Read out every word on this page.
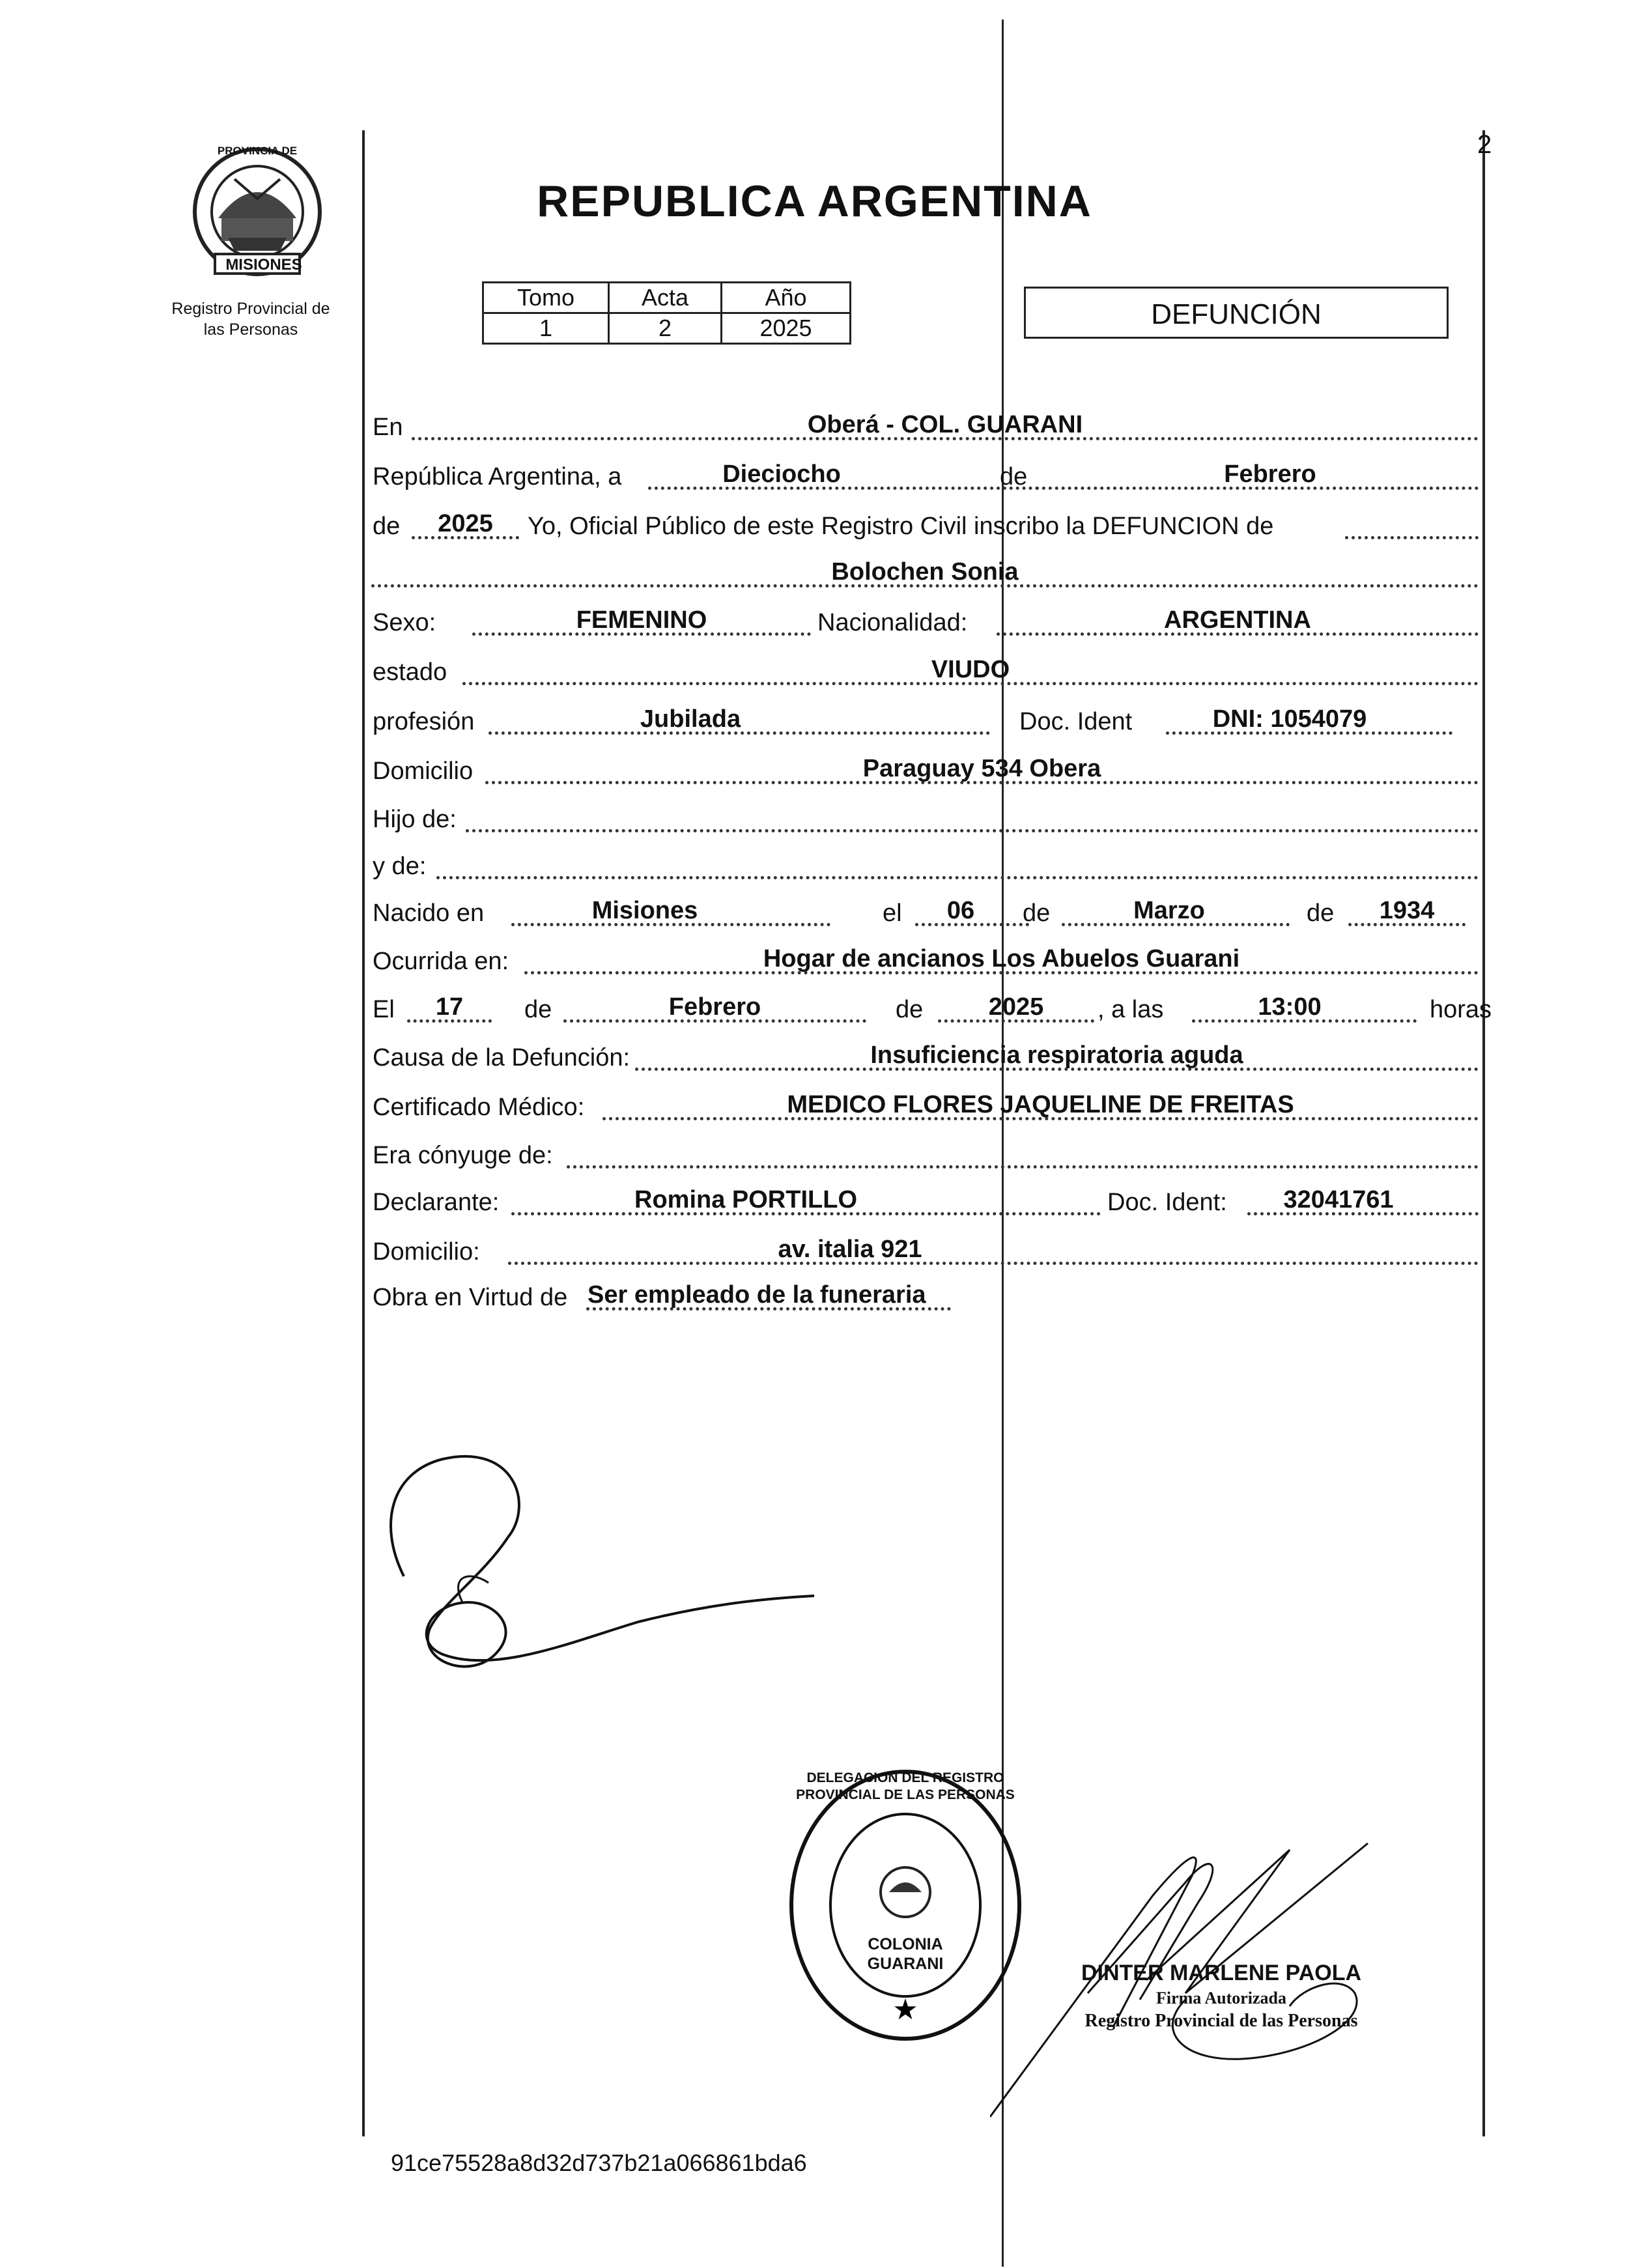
2
PROVINCIA DE
MISIONES
Registro Provincial de
las Personas
REPUBLICA ARGENTINA
Tomo	Acta	Año
1	2	2025	DEFUNCIÓN
En	Oberá - COL. GUARANI
República Argentina, a	Dieciocho	de	Febrero
de	2025	Yo, Oficial Público de este Registro Civil inscribo la DEFUNCION de
Bolochen Sonia
Sexo:	FEMENINO	Nacionalidad:	ARGENTINA
estado	VIUDO
profesión	Jubilada	Doc. Ident	DNI: 1054079
Domicilio	Paraguay 534 Obera
Hijo de:
y de:
Nacido en	Misiones	el	06	de	Marzo	de	1934
Ocurrida en:	Hogar de ancianos Los Abuelos Guarani
El	17	de	Febrero	de	2025	, a las	13:00	horas
Causa de la Defunción:	Insuficiencia respiratoria aguda
Certificado Médico:	MEDICO FLORES JAQUELINE DE FREITAS
Era cónyuge de:
Declarante:	Romina PORTILLO	Doc. Ident:	32041761
Domicilio:	av. italia 921
Obra en Virtud de Ser empleado de la funeraria
★
DELEGACION DEL REGISTRO PROVINCIAL DE LAS PERSONAS
COLONIA GUARANI	DINTER MARLENE PAOLA
Firma Autorizada
Registro Provincial de las Personas
91ce75528a8d32d737b21a066861bda6
